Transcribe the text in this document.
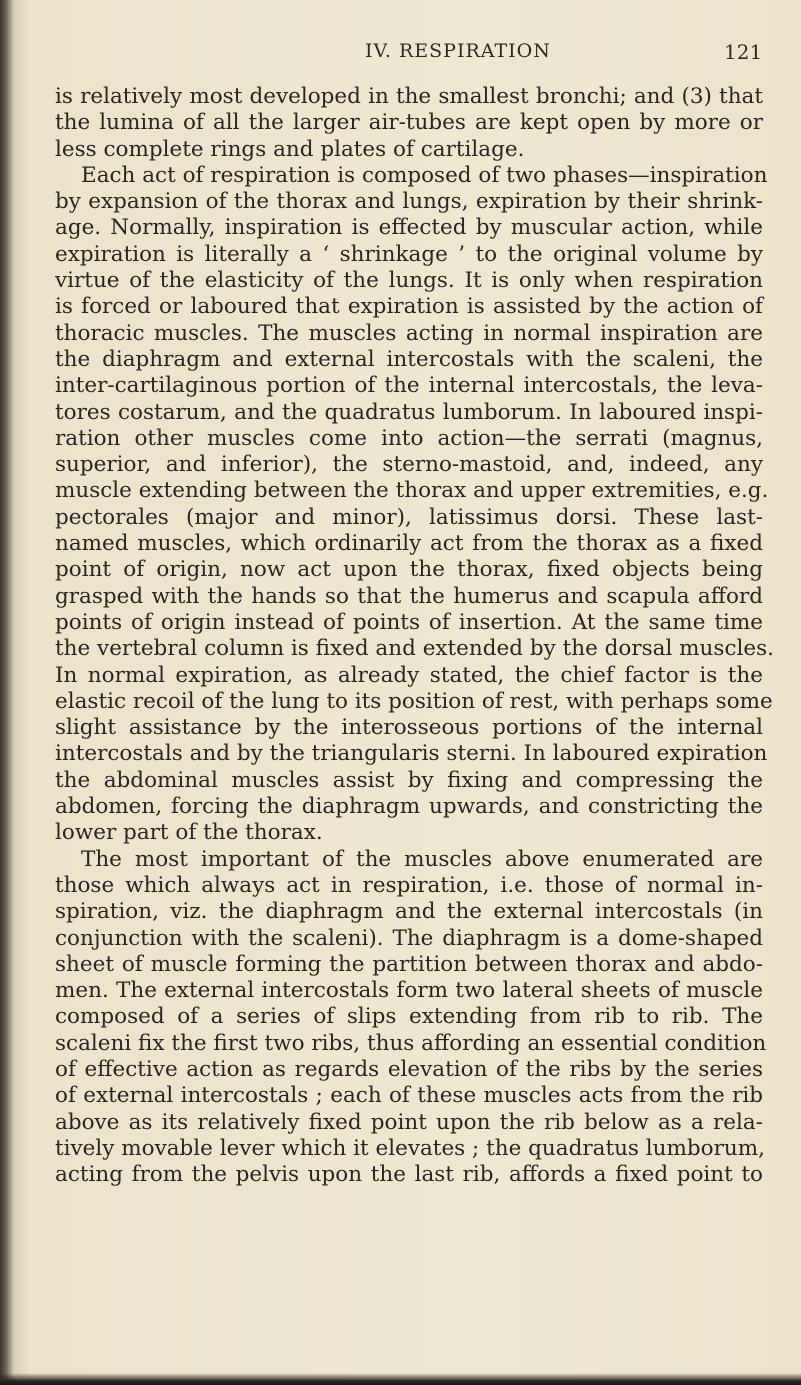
IV. RESPIRATION	121
is relatively most developed in the smallest bronchi; and (3) that
the lumina of all the larger air-tubes are kept open by more or
less complete rings and plates of cartilage.
Each act of respiration is composed of two phases—inspiration
by expansion of the thorax and lungs, expiration by their shrink-
age. Normally, inspiration is effected by muscular action, while
expiration is literally a ‘ shrinkage ’ to the original volume by
virtue of the elasticity of the lungs. It is only when respiration
is forced or laboured that expiration is assisted by the action of
thoracic muscles. The muscles acting in normal inspiration are
the diaphragm and external intercostals with the scaleni, the
inter-cartilaginous portion of the internal intercostals, the leva-
tores costarum, and the quadratus lumborum. In laboured inspi-
ration other muscles come into action—the serrati (magnus,
superior, and inferior), the sterno-mastoid, and, indeed, any
muscle extending between the thorax and upper extremities, e.g.
pectorales (major and minor), latissimus dorsi. These last-
named muscles, which ordinarily act from the thorax as a fixed
point of origin, now act upon the thorax, fixed objects being
grasped with the hands so that the humerus and scapula afford
points of origin instead of points of insertion. At the same time
the vertebral column is fixed and extended by the dorsal muscles.
In normal expiration, as already stated, the chief factor is the
elastic recoil of the lung to its position of rest, with perhaps some
slight assistance by the interosseous portions of the internal
intercostals and by the triangularis sterni. In laboured expiration
the abdominal muscles assist by fixing and compressing the
abdomen, forcing the diaphragm upwards, and constricting the
lower part of the thorax.
The most important of the muscles above enumerated are
those which always act in respiration, i.e. those of normal in-
spiration, viz. the diaphragm and the external intercostals (in
conjunction with the scaleni). The diaphragm is a dome-shaped
sheet of muscle forming the partition between thorax and abdo-
men. The external intercostals form two lateral sheets of muscle
composed of a series of slips extending from rib to rib. The
scaleni fix the first two ribs, thus affording an essential condition
of effective action as regards elevation of the ribs by the series
of external intercostals ; each of these muscles acts from the rib
above as its relatively fixed point upon the rib below as a rela-
tively movable lever which it elevates ; the quadratus lumborum,
acting from the pelvis upon the last rib, affords a fixed point to
